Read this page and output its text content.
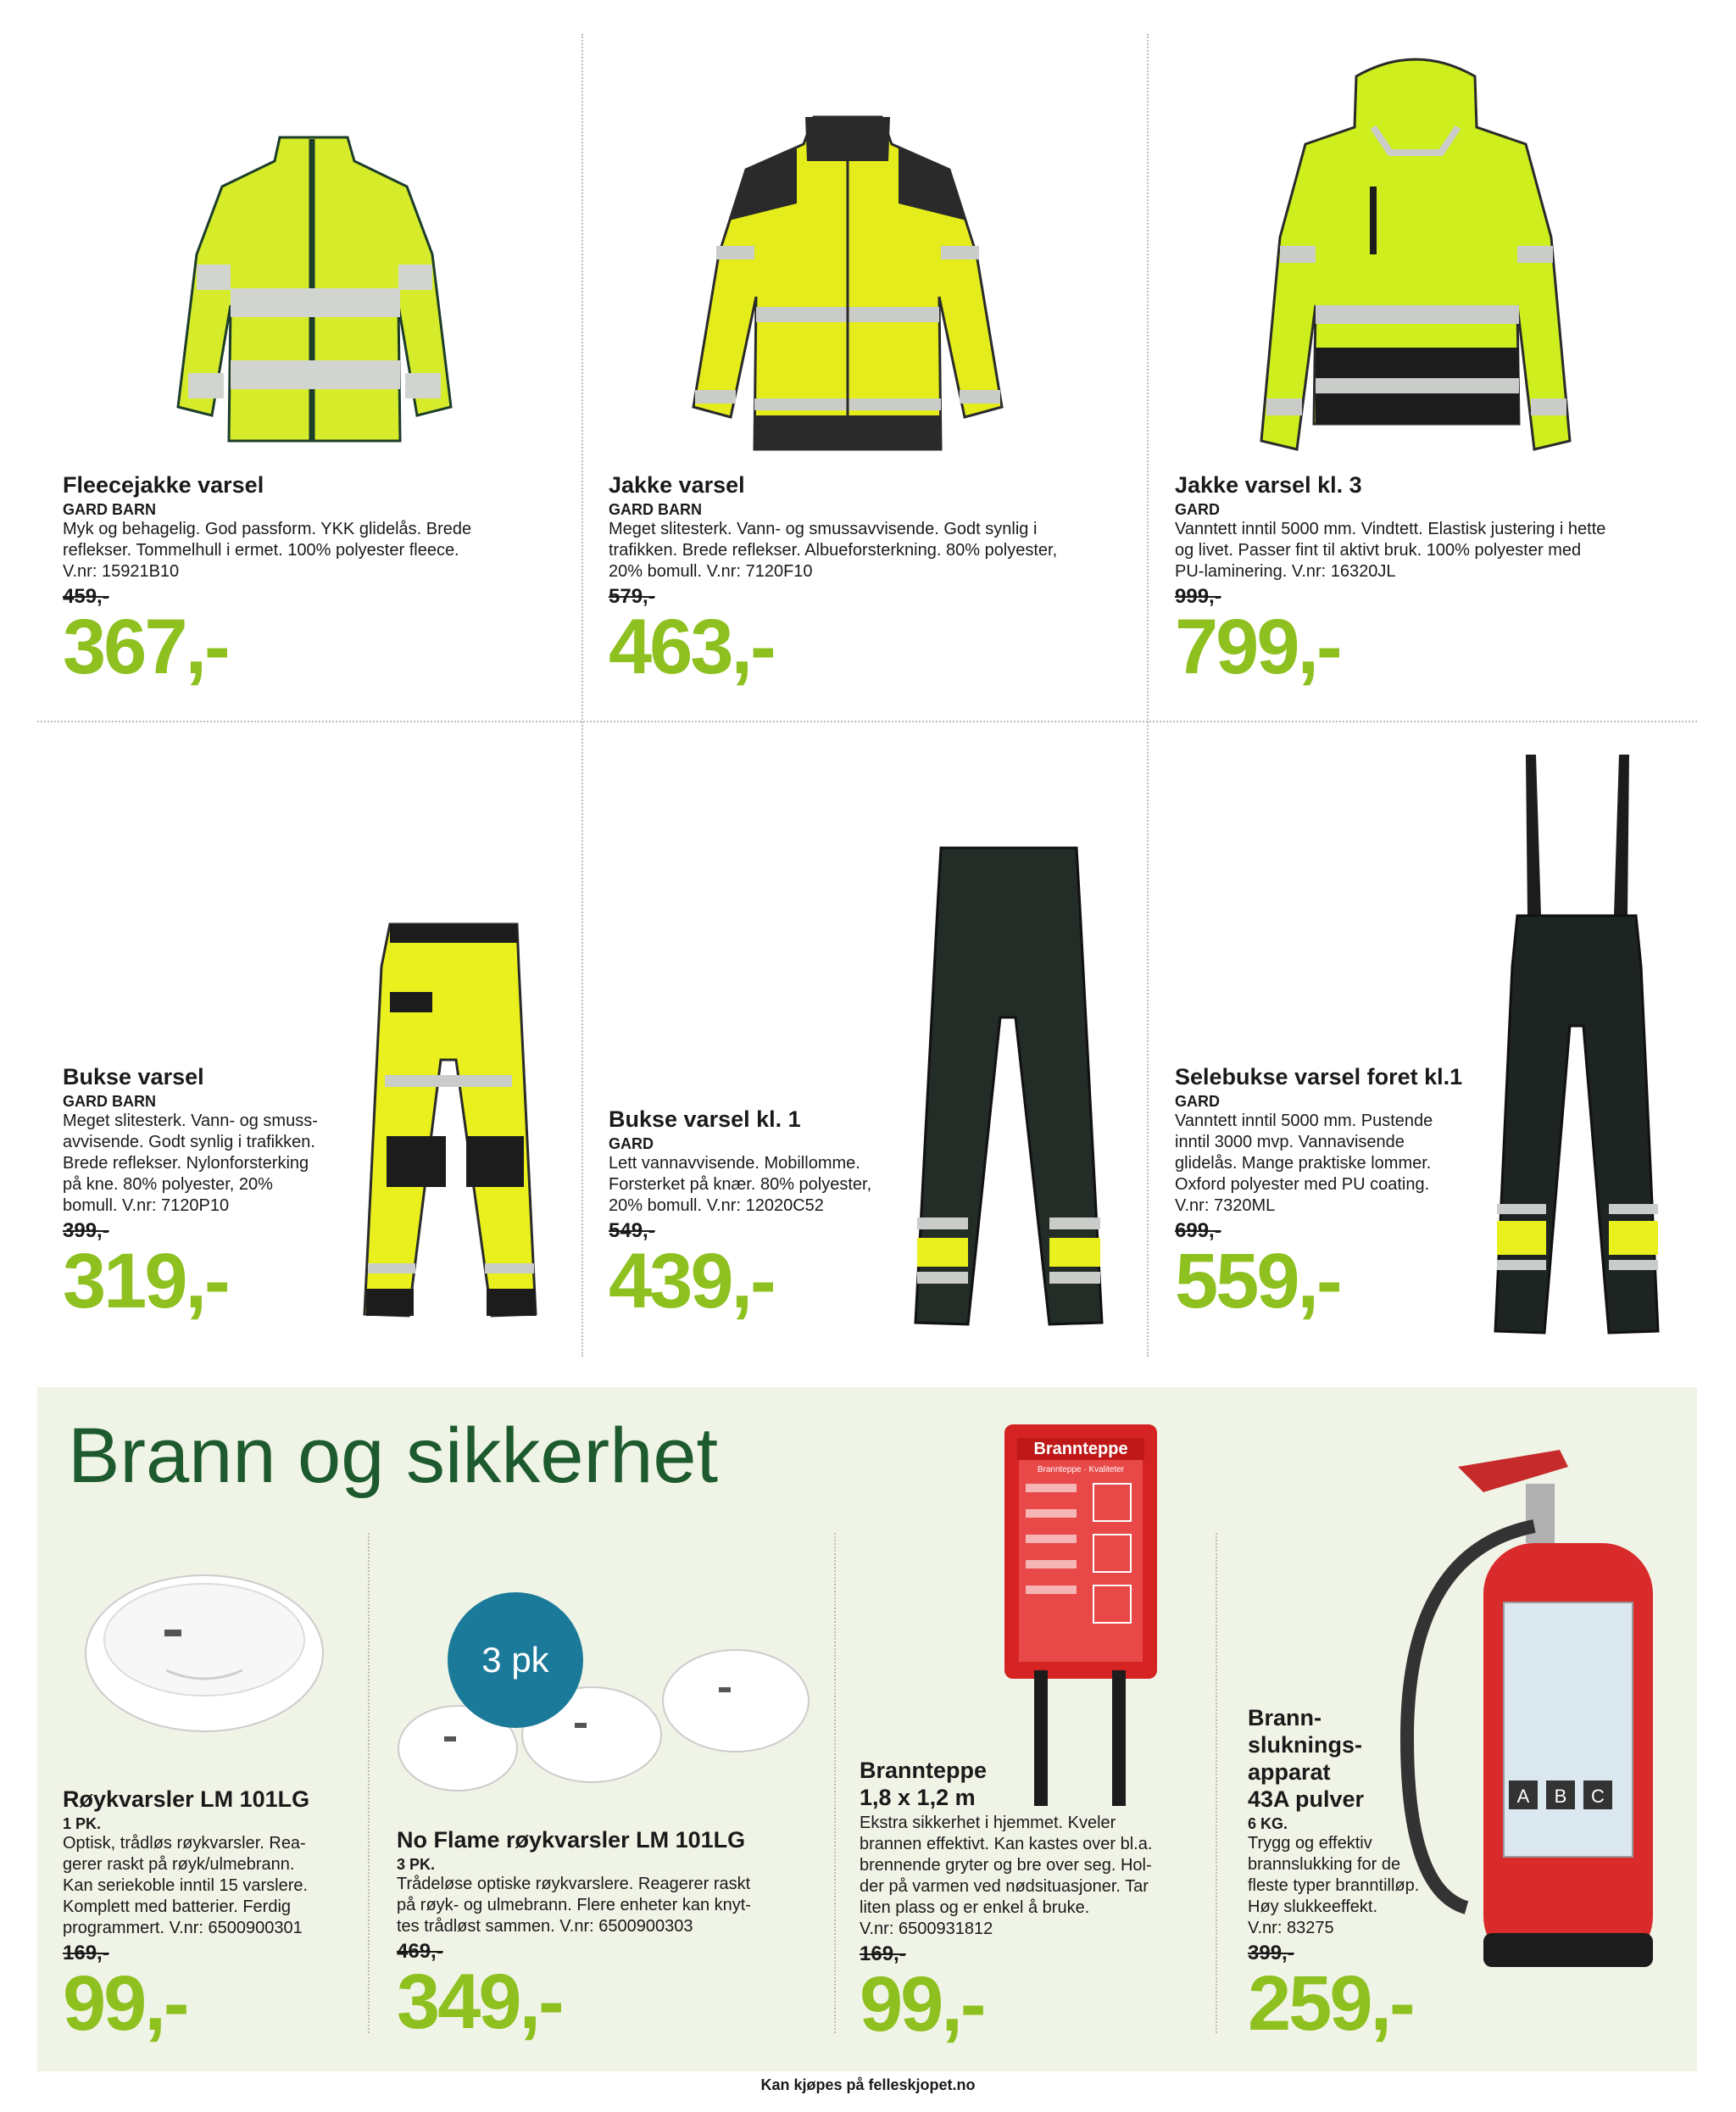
Fleecejakke varsel
GARD BARN
Myk og behagelig. God passform. YKK glidelås. Brede
reflekser. Tommelhull i ermet. 100% polyester fleece.
V.nr: 15921B10
459,-
367,-
Jakke varsel
GARD BARN
Meget slitesterk. Vann- og smussavvisende. Godt synlig i
trafikken. Brede reflekser. Albueforsterkning. 80% polyester,
20% bomull. V.nr: 7120F10
579,-
463,-
Jakke varsel kl. 3
GARD
Vanntett inntil 5000 mm. Vindtett. Elastisk justering i hette
og livet. Passer fint til aktivt bruk. 100% polyester med
PU-laminering. V.nr: 16320JL
999,-
799,-
Bukse varsel
GARD BARN
Meget slitesterk. Vann- og smuss-
avvisende. Godt synlig i trafikken.
Brede reflekser. Nylonforsterking
på kne. 80% polyester, 20%
bomull. V.nr: 7120P10
399,-
319,-
Bukse varsel kl. 1
GARD
Lett vannavvisende. Mobillomme.
Forsterket på knær. 80% polyester,
20% bomull. V.nr: 12020C52
549,-
439,-
Selebukse varsel foret kl.1
GARD
Vanntett inntil 5000 mm. Pustende
inntil 3000 mvp. Vannavisende
glidelås. Mange praktiske lommer.
Oxford polyester med PU coating.
V.nr: 7320ML
699,-
559,-
Brann og sikkerhet
3 pk
Brannteppe
Brannteppe · Kvaliteter
A B C
Røykvarsler LM 101LG
1 PK.
Optisk, trådløs røykvarsler. Rea-
gerer raskt på røyk/ulmebrann.
Kan seriekoble inntil 15 varslere.
Komplett med batterier. Ferdig
programmert. V.nr: 6500900301
169,-
99,-
No Flame røykvarsler LM 101LG
3 PK.
Trådeløse optiske røykvarslere. Reagerer raskt
på røyk- og ulmebrann. Flere enheter kan knyt-
tes trådløst sammen. V.nr: 6500900303
469,-
349,-
Brannteppe
1,8 x 1,2 m
Ekstra sikkerhet i hjemmet. Kveler
brannen effektivt. Kan kastes over bl.a.
brennende gryter og bre over seg. Hol-
der på varmen ved nødsituasjoner. Tar
liten plass og er enkel å bruke.
V.nr: 6500931812
169,-
99,-
Brann-
sluknings-
apparat
43A pulver
6 KG.
Trygg og effektiv
brannslukking for de
fleste typer branntilløp.
Høy slukkeeffekt.
V.nr: 83275
399,-
259,-
Kan kjøpes på felleskjopet.no
